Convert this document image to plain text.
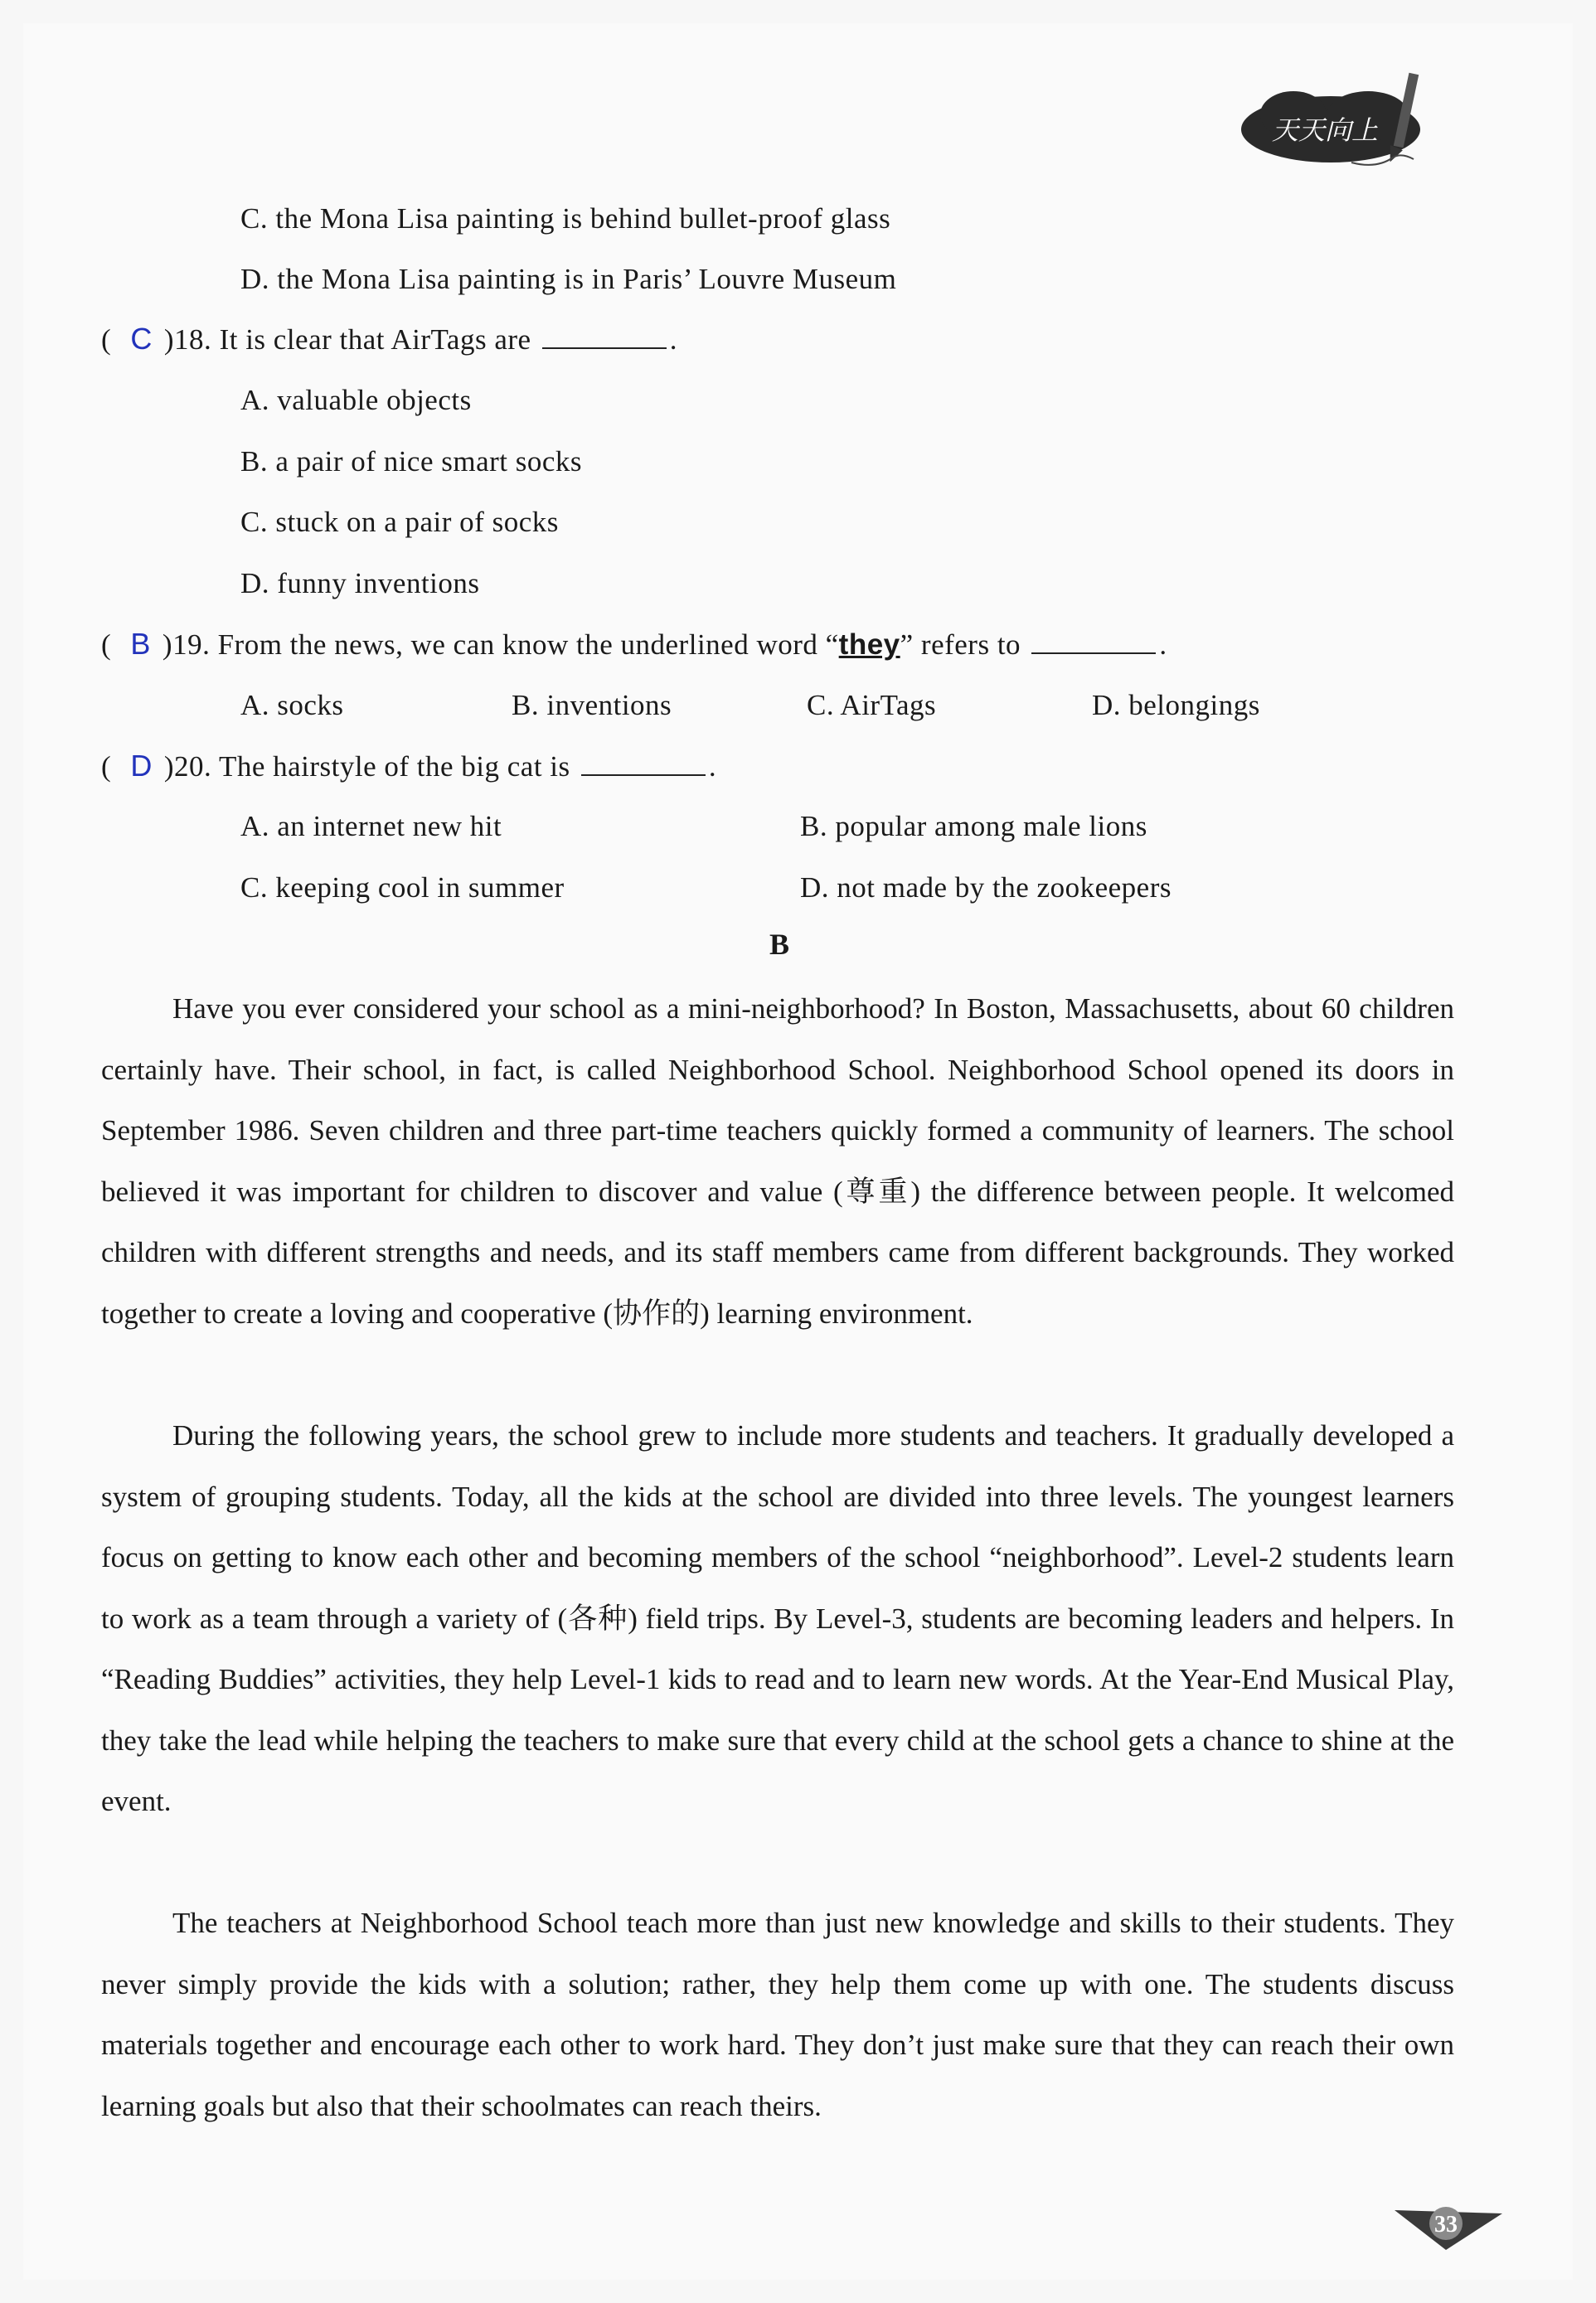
天天向上
C. the Mona Lisa painting is behind bullet-proof glass
D. the Mona Lisa painting is in Paris’ Louvre Museum
( C )18. It is clear that AirTags are	.
A. valuable objects
B. a pair of nice smart socks
C. stuck on a pair of socks
D. funny inventions
( B )19. From the news, we can know the underlined word “they” refers to	.
A. socks	B. inventions	C. AirTags	D. belongings
( D )20. The hairstyle of the big cat is	.
A. an internet new hit	B. popular among male lions
C. keeping cool in summer	D. not made by the zookeepers
B
Have you ever considered your school as a mini-neighborhood? In Boston, Massachusetts, about 60 children certainly have. Their school, in fact, is called Neighborhood School. Neighborhood School opened its doors in September 1986. Seven children and three part-time teachers quickly formed a community of learners. The school believed it was important for children to discover and value (尊重) the difference between people. It welcomed children with different strengths and needs, and its staff members came from different backgrounds. They worked together to create a loving and cooperative (协作的) learning environment.
During the following years, the school grew to include more students and teachers. It gradually developed a system of grouping students. Today, all the kids at the school are divided into three levels. The youngest learners focus on getting to know each other and becoming members of the school “neighborhood”. Level-2 students learn to work as a team through a variety of (各种) field trips. By Level-3, students are becoming leaders and helpers. In “Reading Buddies” activities, they help Level-1 kids to read and to learn new words. At the Year-End Musical Play, they take the lead while helping the teachers to make sure that every child at the school gets a chance to shine at the event.
The teachers at Neighborhood School teach more than just new knowledge and skills to their students. They never simply provide the kids with a solution; rather, they help them come up with one. The students discuss materials together and encourage each other to work hard. They don’t just make sure that they can reach their own learning goals but also that their schoolmates can reach theirs.
33
